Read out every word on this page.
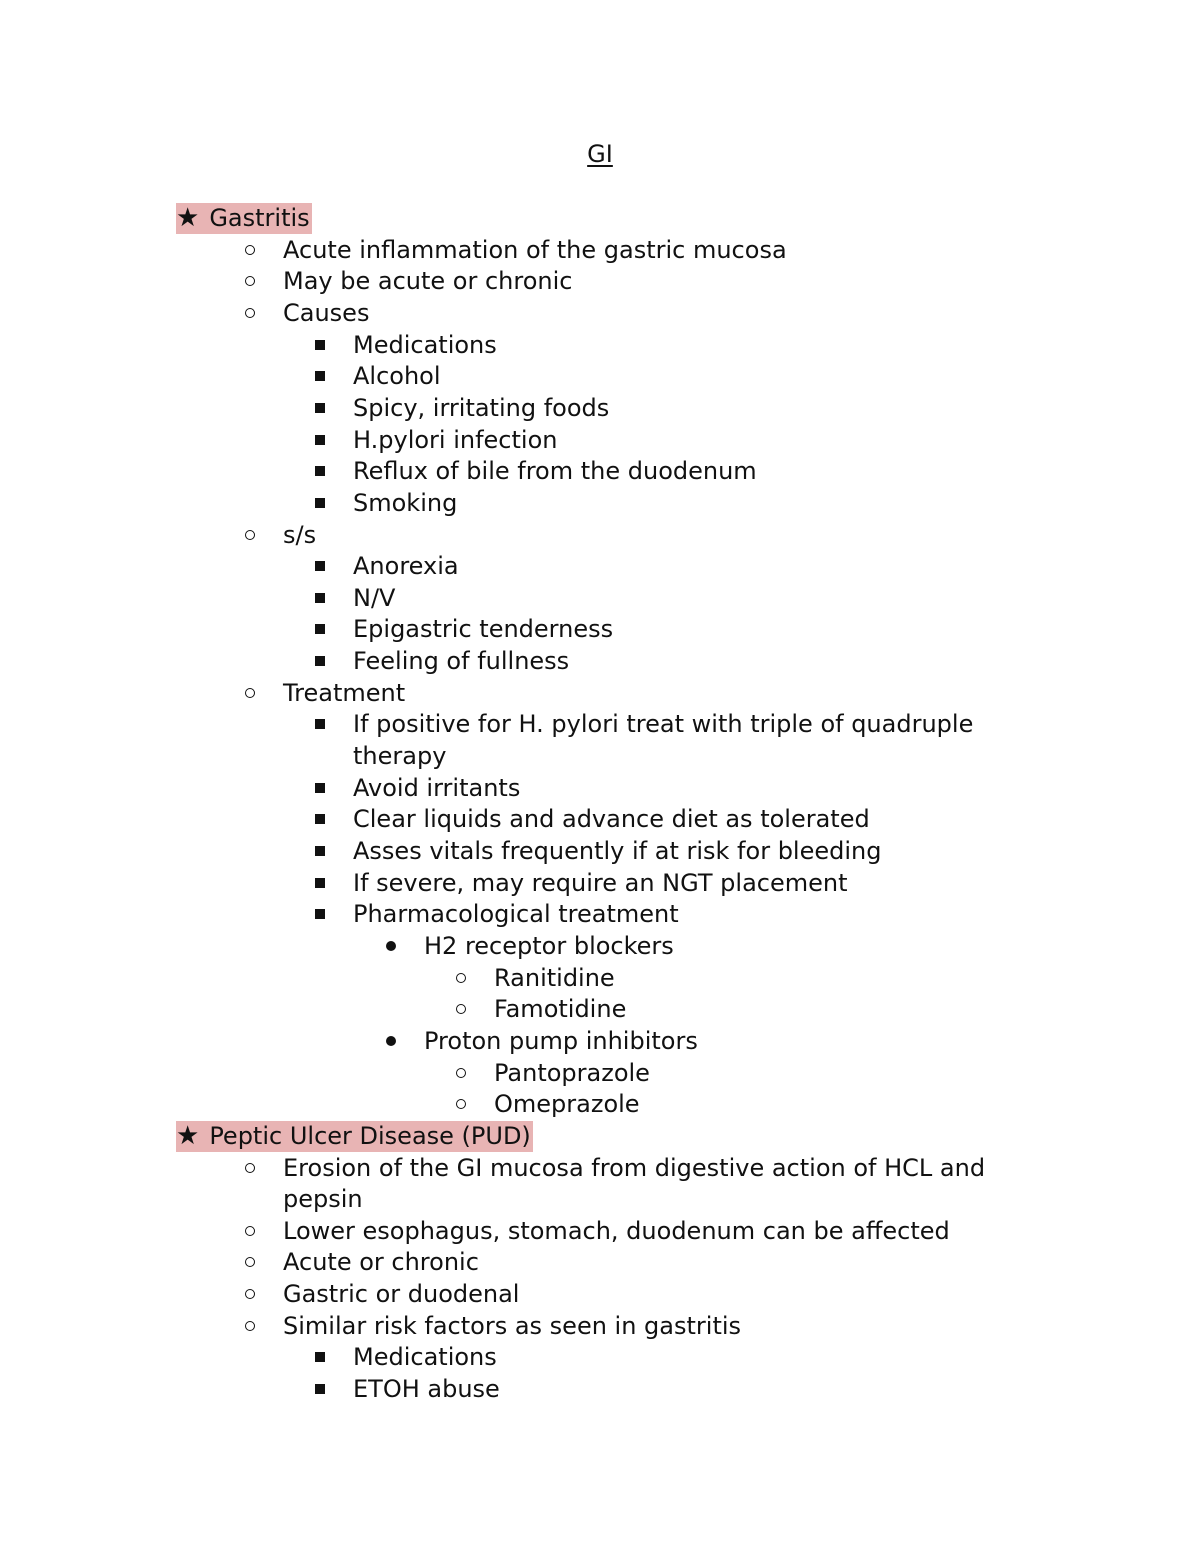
GI
★ Gastritis
Acute inflammation of the gastric mucosa
May be acute or chronic
Causes
Medications
Alcohol
Spicy, irritating foods
H.pylori infection
Reflux of bile from the duodenum
Smoking
s/s
Anorexia
N/V
Epigastric tenderness
Feeling of fullness
Treatment
If positive for H. pylori treat with triple of quadruple
therapy
Avoid irritants
Clear liquids and advance diet as tolerated
Asses vitals frequently if at risk for bleeding
If severe, may require an NGT placement
Pharmacological treatment
H2 receptor blockers
Ranitidine
Famotidine
Proton pump inhibitors
Pantoprazole
Omeprazole
★ Peptic Ulcer Disease (PUD)
Erosion of the GI mucosa from digestive action of HCL and
pepsin
Lower esophagus, stomach, duodenum can be affected
Acute or chronic
Gastric or duodenal
Similar risk factors as seen in gastritis
Medications
ETOH abuse
